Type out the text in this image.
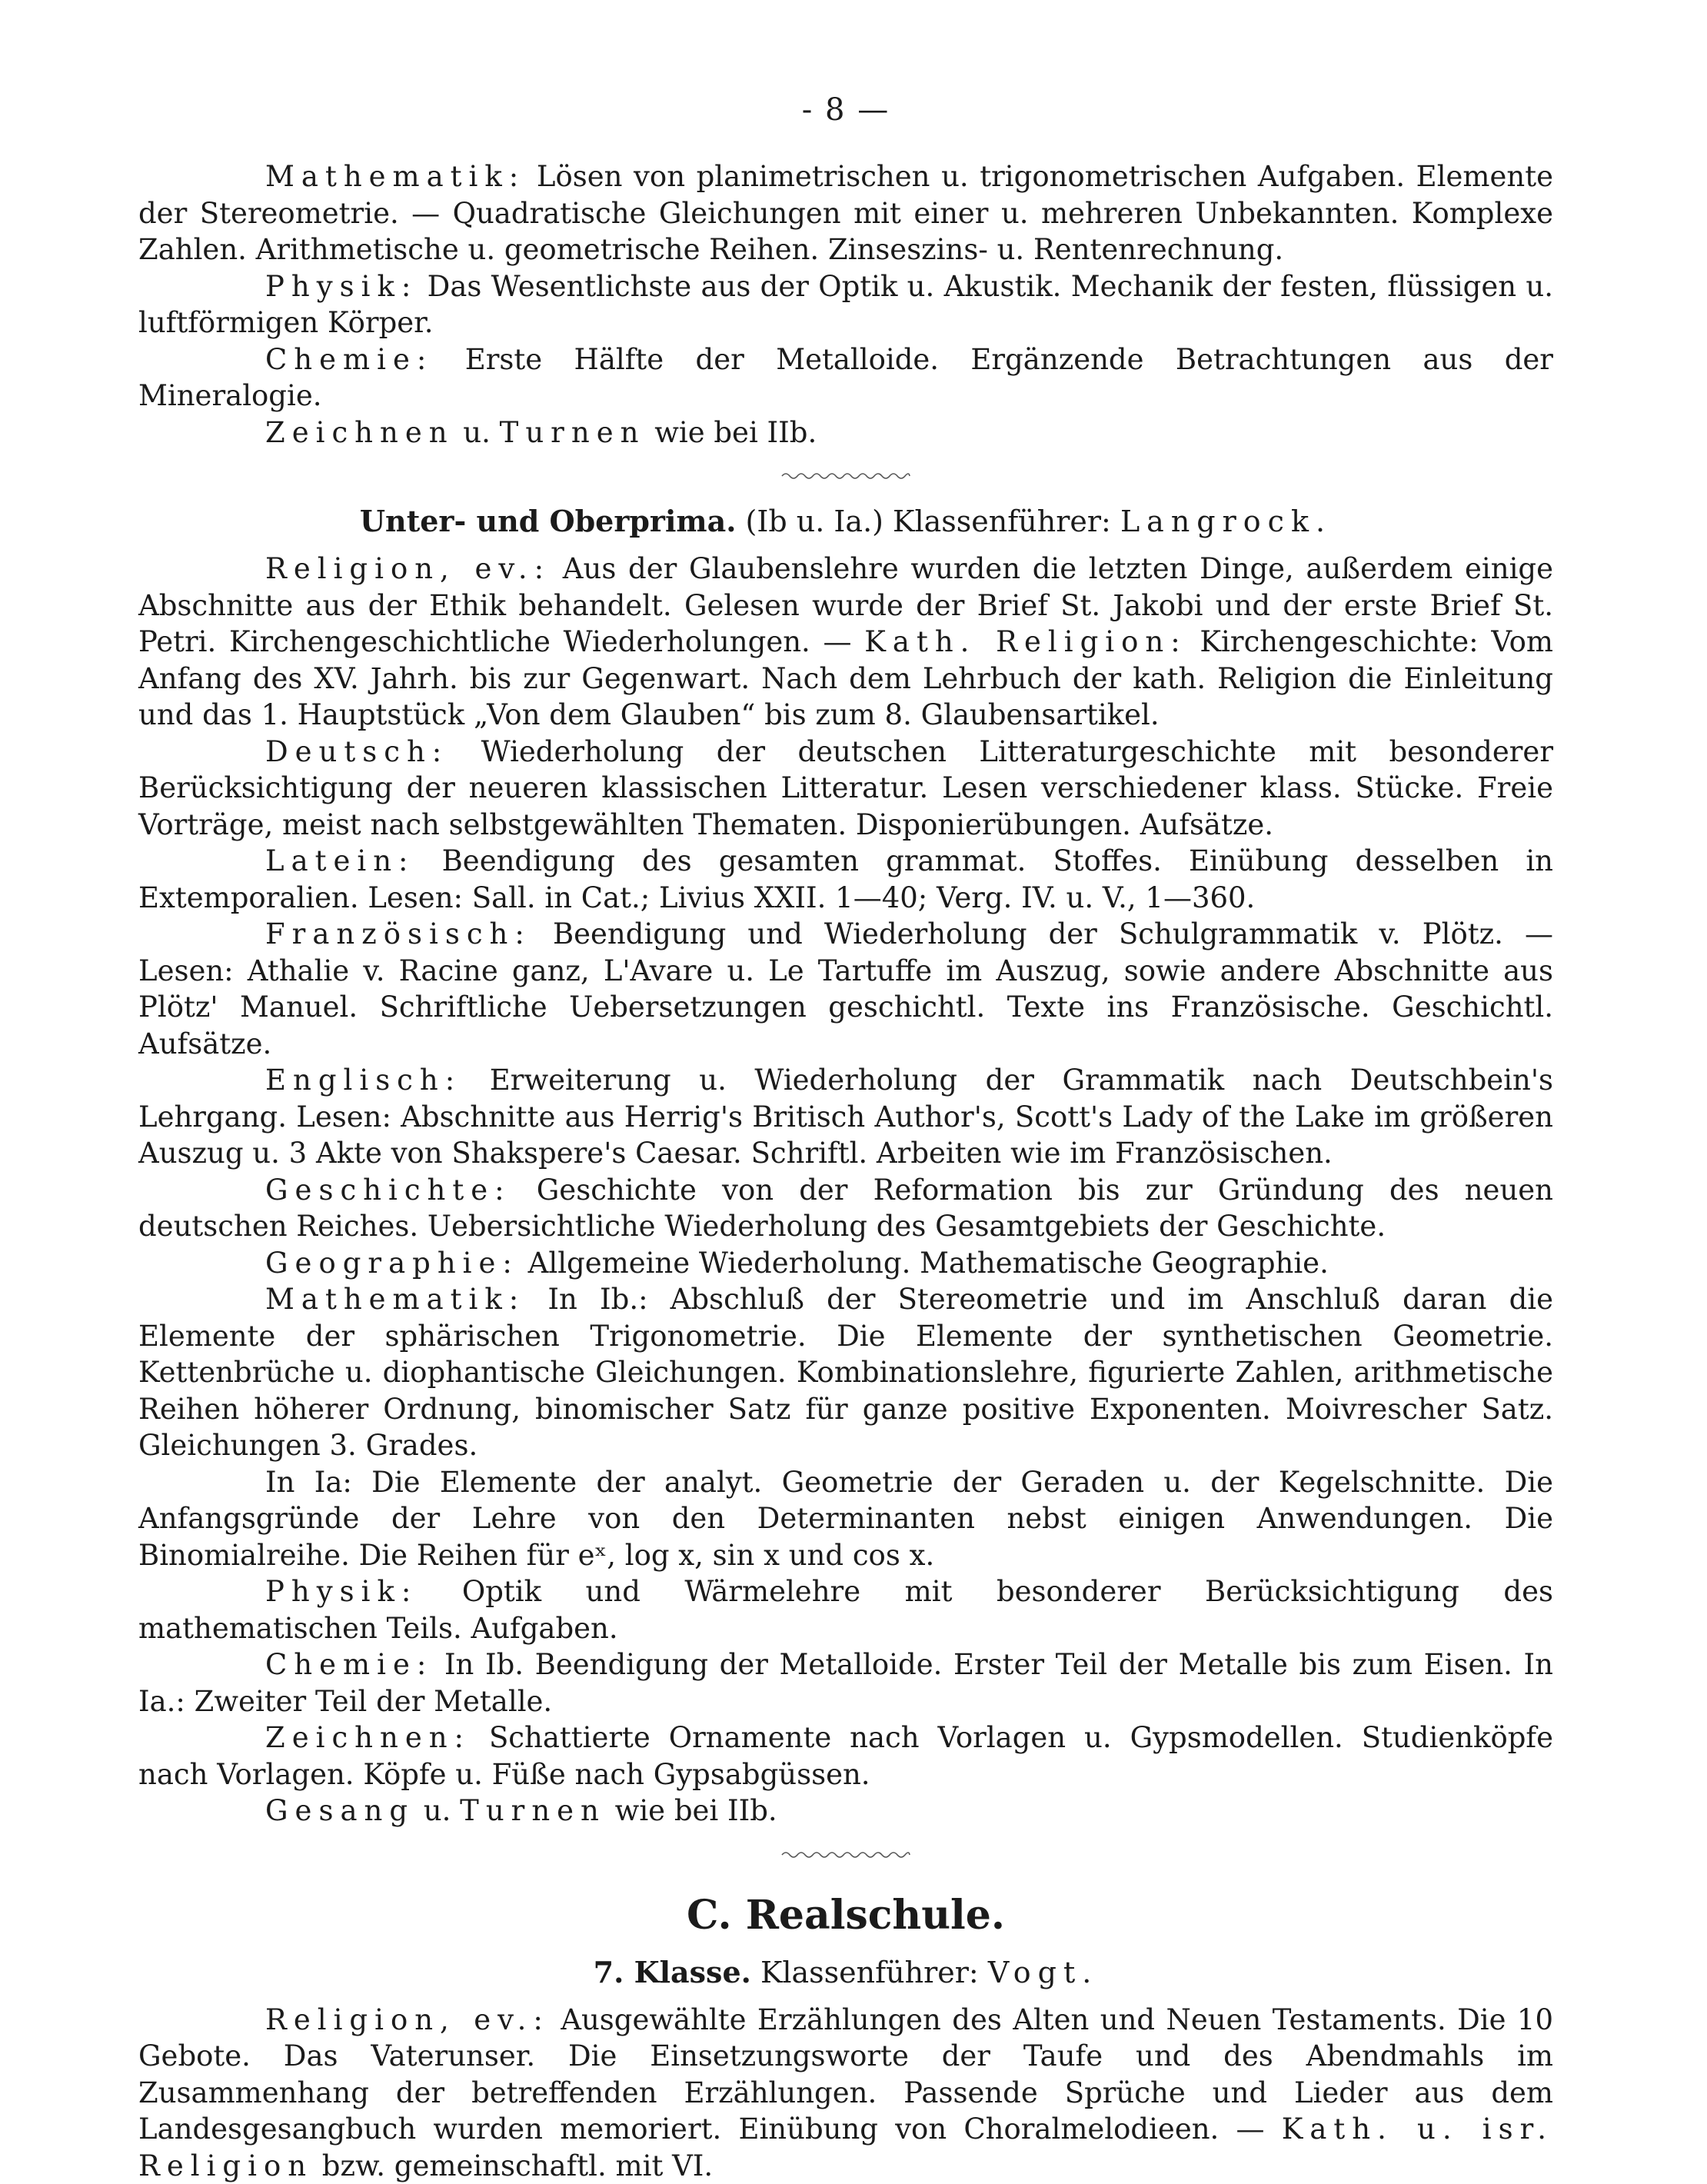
- 8 —

Mathematik: Lösen von planimetrischen u. trigonometrischen Aufgaben. Elemente der Stereometrie. — Quadratische Gleichungen mit einer u. mehreren Unbekannten. Komplexe Zahlen. Arithmetische u. geometrische Reihen. Zinseszins- u. Rentenrechnung.

Physik: Das Wesentlichste aus der Optik u. Akustik. Mechanik der festen, flüssigen u. luftförmigen Körper.

Chemie: Erste Hälfte der Metalloide. Ergänzende Betrachtungen aus der Mineralogie.

Zeichnen u. Turnen wie bei IIb.

Unter- und Oberprima. (Ib u. Ia.) Klassenführer: Langrock.

Religion, ev.: Aus der Glaubenslehre wurden die letzten Dinge, außerdem einige Abschnitte aus der Ethik behandelt. Gelesen wurde der Brief St. Jakobi und der erste Brief St. Petri. Kirchengeschichtliche Wiederholungen. — Kath. Religion: Kirchengeschichte: Vom Anfang des XV. Jahrh. bis zur Gegenwart. Nach dem Lehrbuch der kath. Religion die Einleitung und das 1. Hauptstück „Von dem Glauben“ bis zum 8. Glaubensartikel.

Deutsch: Wiederholung der deutschen Litteraturgeschichte mit besonderer Berücksichtigung der neueren klassischen Litteratur. Lesen verschiedener klass. Stücke. Freie Vorträge, meist nach selbstgewählten Thematen. Disponierübungen. Aufsätze.

Latein: Beendigung des gesamten grammat. Stoffes. Einübung desselben in Extemporalien. Lesen: Sall. in Cat.; Livius XXII. 1—40; Verg. IV. u. V., 1—360.

Französisch: Beendigung und Wiederholung der Schulgrammatik v. Plötz. — Lesen: Athalie v. Racine ganz, L'Avare u. Le Tartuffe im Auszug, sowie andere Abschnitte aus Plötz' Manuel. Schriftliche Uebersetzungen geschichtl. Texte ins Französische. Geschichtl. Aufsätze.

Englisch: Erweiterung u. Wiederholung der Grammatik nach Deutschbein's Lehrgang. Lesen: Abschnitte aus Herrig's Britisch Author's, Scott's Lady of the Lake im größeren Auszug u. 3 Akte von Shakspere's Caesar. Schriftl. Arbeiten wie im Französischen.

Geschichte: Geschichte von der Reformation bis zur Gründung des neuen deutschen Reiches. Uebersichtliche Wiederholung des Gesamtgebiets der Geschichte.

Geographie: Allgemeine Wiederholung. Mathematische Geographie.

Mathematik: In Ib.: Abschluß der Stereometrie und im Anschluß daran die Elemente der sphärischen Trigonometrie. Die Elemente der synthetischen Geometrie. Kettenbrüche u. diophantische Gleichungen. Kombinationslehre, figurierte Zahlen, arithmetische Reihen höherer Ordnung, binomischer Satz für ganze positive Exponenten. Moivrescher Satz. Gleichungen 3. Grades.

In Ia: Die Elemente der analyt. Geometrie der Geraden u. der Kegelschnitte. Die Anfangsgründe der Lehre von den Determinanten nebst einigen Anwendungen. Die Binomialreihe. Die Reihen für eˣ, log x, sin x und cos x.

Physik: Optik und Wärmelehre mit besonderer Berücksichtigung des mathematischen Teils. Aufgaben.

Chemie: In Ib. Beendigung der Metalloide. Erster Teil der Metalle bis zum Eisen. In Ia.: Zweiter Teil der Metalle.

Zeichnen: Schattierte Ornamente nach Vorlagen u. Gypsmodellen. Studienköpfe nach Vorlagen. Köpfe u. Füße nach Gypsabgüssen.

Gesang u. Turnen wie bei IIb.

C. Realschule.
7. Klasse. Klassenführer: Vogt.

Religion, ev.: Ausgewählte Erzählungen des Alten und Neuen Testaments. Die 10 Gebote. Das Vaterunser. Die Einsetzungsworte der Taufe und des Abendmahls im Zusammenhang der betreffenden Erzählungen. Passende Sprüche und Lieder aus dem Landesgesangbuch wurden memoriert. Einübung von Choralmelodieen. — Kath. u. isr. Religion bzw. gemeinschaftl. mit VI.
